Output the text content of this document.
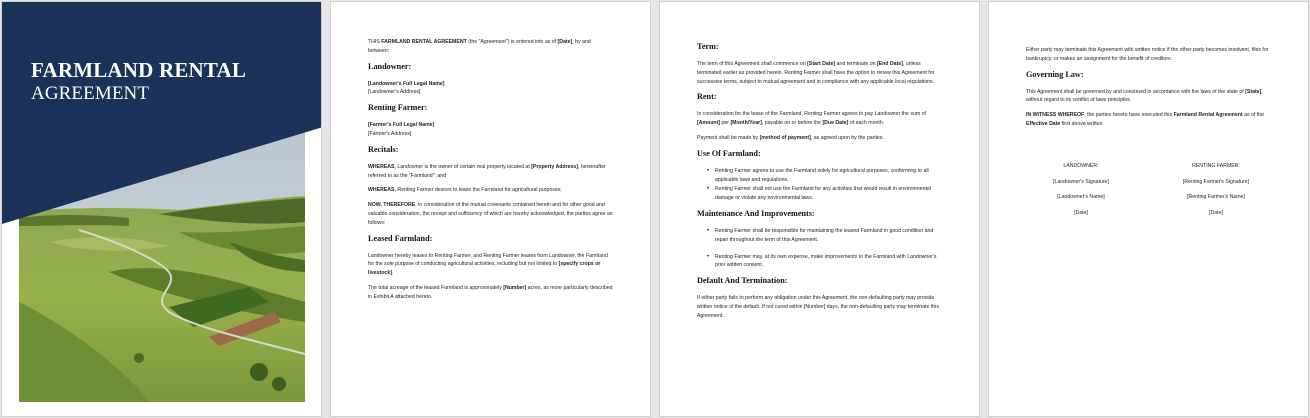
FARMLAND RENTAL
AGREEMENT

THIS FARMLAND RENTAL AGREEMENT (the "Agreement") is entered into as of [Date], by and between:

Landowner:
[Landowner's Full Legal Name]
[Landowner's Address]
Renting Farmer:
[Farmer's Full Legal Name]
[Farmer's Address]
Recitals:

WHEREAS, Landowner is the owner of certain real property located at [Property Address], hereinafter referred to as the "Farmland"; and

WHEREAS, Renting Farmer desires to lease the Farmland for agricultural purposes;

NOW, THEREFORE, in consideration of the mutual covenants contained herein and for other good and valuable consideration, the receipt and sufficiency of which are hereby acknowledged, the parties agree as follows:

Leased Farmland:

Landowner hereby leases to Renting Farmer, and Renting Farmer leases from Landowner, the Farmland for the sole purpose of conducting agricultural activities, including but not limited to [specify crops or livestock].

The total acreage of the leased Farmland is approximately [Number] acres, as more particularly described in Exhibit A attached hereto.

Term:

The term of this Agreement shall commence on [Start Date] and terminate on [End Date], unless terminated earlier as provided herein. Renting Farmer shall have the option to renew this Agreement for successive terms, subject to mutual agreement and in compliance with any applicable local regulations.

Rent:

In consideration for the lease of the Farmland, Renting Farmer agrees to pay Landowner the sum of [Amount] per [Month/Year], payable on or before the [Due Date] of each month.

Payment shall be made by [method of payment], as agreed upon by the parties.

Use Of Farmland:
• Renting Farmer agrees to use the Farmland solely for agricultural purposes, conforming to all applicable laws and regulations.
• Renting Farmer shall not use the Farmland for any activities that would result in environmental damage or violate any environmental laws.
Maintenance And Improvements:
• Renting Farmer shall be responsible for maintaining the leased Farmland in good condition and repair throughout the term of this Agreement.
• Renting Farmer may, at its own expense, make improvements to the Farmland with Landowner's prior written consent.
Default And Termination:

If either party fails to perform any obligation under this Agreement, the non-defaulting party may provide written notice of the default. If not cured within [Number] days, the non-defaulting party may terminate this Agreement.

Either party may terminate this Agreement with written notice if the other party becomes insolvent, files for bankruptcy, or makes an assignment for the benefit of creditors.

Governing Law:

This Agreement shall be governed by and construed in accordance with the laws of the state of [State], without regard to its conflict of laws principles.

IN WITNESS WHEREOF, the parties hereto have executed this Farmland Rental Agreement as of the Effective Date first above written.

LANDOWNER:
[Landowner's Signature]
[Landowner's Name]
[Date]
RENTING FARMER:
[Renting Farmer's Signature]
[Renting Farmer's Name]
[Date]
